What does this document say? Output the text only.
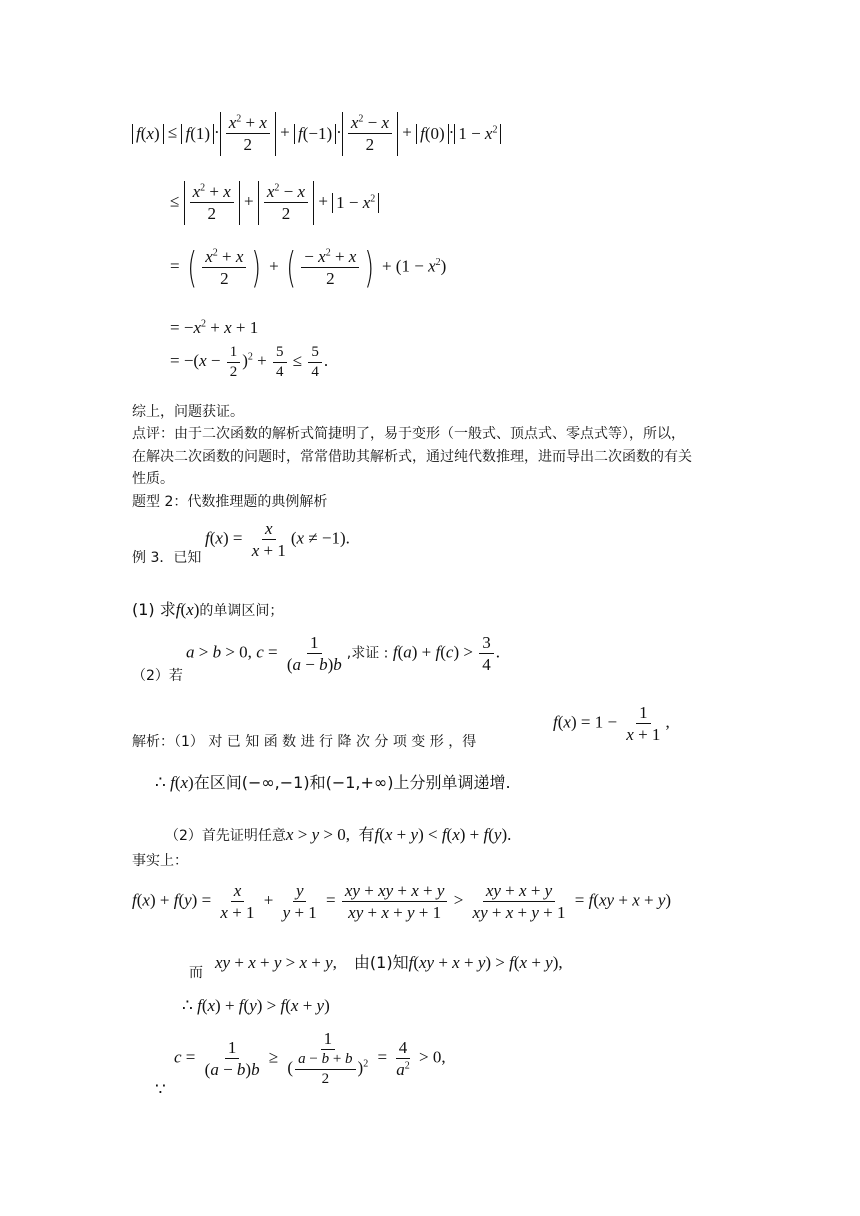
$f(x) \le f(1) \cdot \frac{x^2 + x}{2} + f(-1) \cdot \frac{x^2 - x}{2} + f(0) \cdot 1 - x^2$
≤ $\frac{x^2 + x}{2} + \frac{x^2 - x}{2} + 1 - x^2$
= ( $\frac{x^2 + x}{2}$ ) + ( $\frac{- x^2 + x}{2}$ ) + $(1 - x^2)$
= $-x^2 + x + 1$
= $-(x - \frac{1}{2} )^2 + \frac{5}{4} \le \frac{5}{4}$ .
综上，问题获证。
点评：由于二次函数的解析式简捷明了，易于变形（一般式、顶点式、零点式等），所以，
在解决二次函数的问题时，常常借助其解析式，通过纯代数推理，进而导出二次函数的有关
性质。
题型 2：代数推理题的典例解析
例 3．已知
$f(x) = \frac{x}{x + 1} (x \ne -1)$.
(1) 求f(x)的单调区间；
（2）若
a > b > 0, $c = \frac{1}{(a - b)b}$ ,求证 : $f(a) + f(c) > \frac{3}{4}$ .
解析：（1） 对 已 知 函 数 进 行 降 次 分 项 变 形 ，得
$f(x) = 1 - \frac{1}{x + 1}$ ,
∴ f(x)在区间(−∞,−1)和(−1,+∞)上分别单调递增.
（2）首先证明任意x > y > 0,  有f(x + y) < f(x) + f(y).
事实上：
$f(x) + f(y) = \frac{x}{x + 1} + \frac{y}{y + 1} = \frac{xy + xy + x + y}{xy + x + y + 1} > \frac{xy + x + y}{xy + x + y + 1} = f(xy + x + y)$
而
xy + x + y > x + y,    由(1)知f(xy + x + y) > f(x + y),
∴ f(x) + f(y) > f(x + y)
$c = \frac{1}{(a - b)b} \ge \frac{1}{( \frac{a - b + b}{2} )^2} = \frac{4}{a^2} > 0$,
∵
